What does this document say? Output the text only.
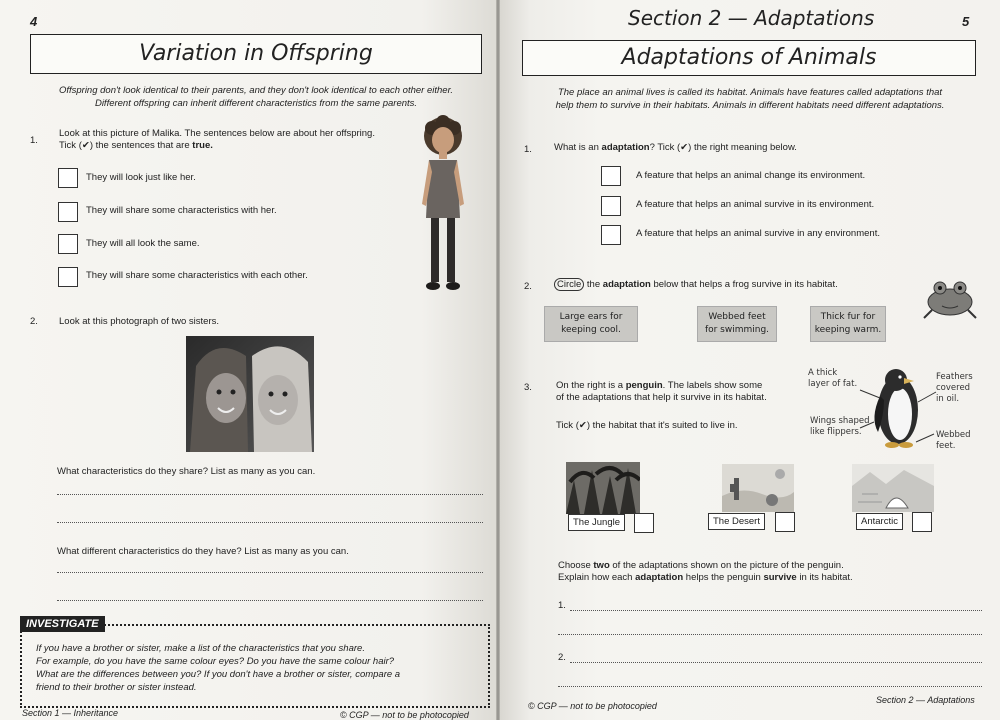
4
Variation in Offspring
Offspring don't look identical to their parents, and they don't look identical to each other either.
Different offspring can inherit different characteristics from the same parents.
1.
Look at this picture of Malika. The sentences below are about her offspring.
Tick (✔) the sentences that are true.
They will look just like her.
They will share some characteristics with her.
They will all look the same.
They will share some characteristics with each other.
2. Look at this photograph of two sisters.
What characteristics do they share? List as many as you can.
What different characteristics do they have? List as many as you can.
INVESTIGATE
If you have a brother or sister, make a list of the characteristics that you share.
For example, do you have the same colour eyes? Do you have the same colour hair?
What are the differences between you? If you don't have a brother or sister, compare a
friend to their brother or sister instead.
Section 1 — Inheritance	© CGP — not to be photocopied
Section 2 — Adaptations	5
Adaptations of Animals
The place an animal lives is called its habitat. Animals have features called adaptations that
help them to survive in their habitats. Animals in different habitats need different adaptations.
1. What is an adaptation? Tick (✔) the right meaning below.
A feature that helps an animal change its environment.
A feature that helps an animal survive in its environment.
A feature that helps an animal survive in any environment.
2.	Circle the adaptation below that helps a frog survive in its habitat.
Large ears for
keeping cool.
Webbed feet
for swimming.
Thick fur for
keeping warm.
3.	On the right is a penguin. The labels show some
of the adaptations that help it survive in its habitat.
Tick (✔) the habitat that it's suited to live in.
A thick
layer of fat.
Wings shaped
like flippers.
Feathers
covered
in oil.
Webbed
feet.
The Jungle	The Desert	Antarctic
Choose two of the adaptations shown on the picture of the penguin.
Explain how each adaptation helps the penguin survive in its habitat.
1.
2.
© CGP — not to be photocopied
Section 2 — Adaptations
